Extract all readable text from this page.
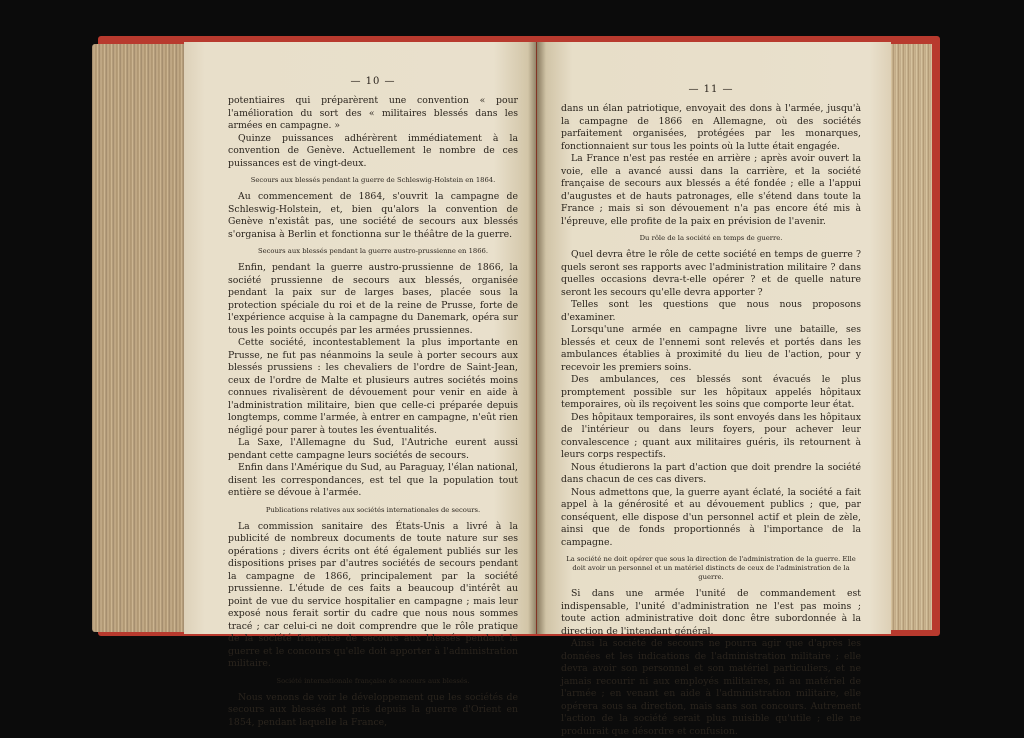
— 10 —
potentiaires qui préparèrent une convention « pour l'amélioration du sort des « militaires blessés dans les armées en campagne. »
Quinze puissances adhérèrent immédiatement à la convention de Genève. Actuellement le nombre de ces puissances est de vingt-deux.
Secours aux blessés pendant la guerre de Schleswig-Holstein en 1864.
Au commencement de 1864, s'ouvrit la campagne de Schleswig-Holstein, et, bien qu'alors la convention de Genève n'existât pas, une société de secours aux blessés s'organisa à Berlin et fonctionna sur le théâtre de la guerre.
Secours aux blessés pendant la guerre austro-prussienne en 1866.
Enfin, pendant la guerre austro-prussienne de 1866, la société prussienne de secours aux blessés, organisée pendant la paix sur de larges bases, placée sous la protection spéciale du roi et de la reine de Prusse, forte de l'expérience acquise à la campagne du Danemark, opéra sur tous les points occupés par les armées prussiennes.
Cette société, incontestablement la plus importante en Prusse, ne fut pas néanmoins la seule à porter secours aux blessés prussiens : les chevaliers de l'ordre de Saint-Jean, ceux de l'ordre de Malte et plusieurs autres sociétés moins connues rivalisèrent de dévouement pour venir en aide à l'administration militaire, bien que celle-ci préparée depuis longtemps, comme l'armée, à entrer en campagne, n'eût rien négligé pour parer à toutes les éventualités.
La Saxe, l'Allemagne du Sud, l'Autriche eurent aussi pendant cette campagne leurs sociétés de secours.
Enfin dans l'Amérique du Sud, au Paraguay, l'élan national, disent les correspondances, est tel que la population tout entière se dévoue à l'armée.
Publications relatives aux sociétés internationales de secours.
La commission sanitaire des États-Unis a livré à la publicité de nombreux documents de toute nature sur ses opérations ; divers écrits ont été également publiés sur les dispositions prises par d'autres sociétés de secours pendant la campagne de 1866, principalement par la société prussienne. L'étude de ces faits a beaucoup d'intérêt au point de vue du service hospitalier en campagne ; mais leur exposé nous ferait sortir du cadre que nous nous sommes tracé ; car celui-ci ne doit comprendre que le rôle pratique de la société française de secours aux blessés pendant la guerre et le concours qu'elle doit apporter à l'administration militaire.
Société internationale française de secours aux blessés.
Nous venons de voir le développement que les sociétés de secours aux blessés ont pris depuis la guerre d'Orient en 1854, pendant laquelle la France,
— 11 —
dans un élan patriotique, envoyait des dons à l'armée, jusqu'à la campagne de 1866 en Allemagne, où des sociétés parfaitement organisées, protégées par les monarques, fonctionnaient sur tous les points où la lutte était engagée.
La France n'est pas restée en arrière ; après avoir ouvert la voie, elle a avancé aussi dans la carrière, et la société française de secours aux blessés a été fondée ; elle a l'appui d'augustes et de hauts patronages, elle s'étend dans toute la France ; mais si son dévouement n'a pas encore été mis à l'épreuve, elle profite de la paix en prévision de l'avenir.
Du rôle de la société en temps de guerre.
Quel devra être le rôle de cette société en temps de guerre ? quels seront ses rapports avec l'administration militaire ? dans quelles occasions devra-t-elle opérer ? et de quelle nature seront les secours qu'elle devra apporter ?
Telles sont les questions que nous nous proposons d'examiner.
Lorsqu'une armée en campagne livre une bataille, ses blessés et ceux de l'ennemi sont relevés et portés dans les ambulances établies à proximité du lieu de l'action, pour y recevoir les premiers soins.
Des ambulances, ces blessés sont évacués le plus promptement possible sur les hôpitaux appelés hôpitaux temporaires, où ils reçoivent les soins que comporte leur état.
Des hôpitaux temporaires, ils sont envoyés dans les hôpitaux de l'intérieur ou dans leurs foyers, pour achever leur convalescence ; quant aux militaires guéris, ils retournent à leurs corps respectifs.
Nous étudierons la part d'action que doit prendre la société dans chacun de ces cas divers.
Nous admettons que, la guerre ayant éclaté, la société a fait appel à la générosité et au dévouement publics ; que, par conséquent, elle dispose d'un personnel actif et plein de zèle, ainsi que de fonds proportionnés à l'importance de la campagne.
La société ne doit opérer que sous la direction de l'administration de la guerre. Elle doit avoir un personnel et un matériel distincts de ceux de l'administration de la guerre.
Si dans une armée l'unité de commandement est indispensable, l'unité d'administration ne l'est pas moins ; toute action administrative doit donc être subordonnée à la direction de l'intendant général.
Ainsi la société de secours ne pourra agir que d'après les données et les indications de l'administration militaire ; elle devra avoir son personnel et son matériel particuliers, et ne jamais recourir ni aux employés militaires, ni au matériel de l'armée ; en venant en aide à l'administration militaire, elle opérera sous sa direction, mais sans son concours. Autrement l'action de la société serait plus nuisible qu'utile ; elle ne produirait que désordre et confusion.
